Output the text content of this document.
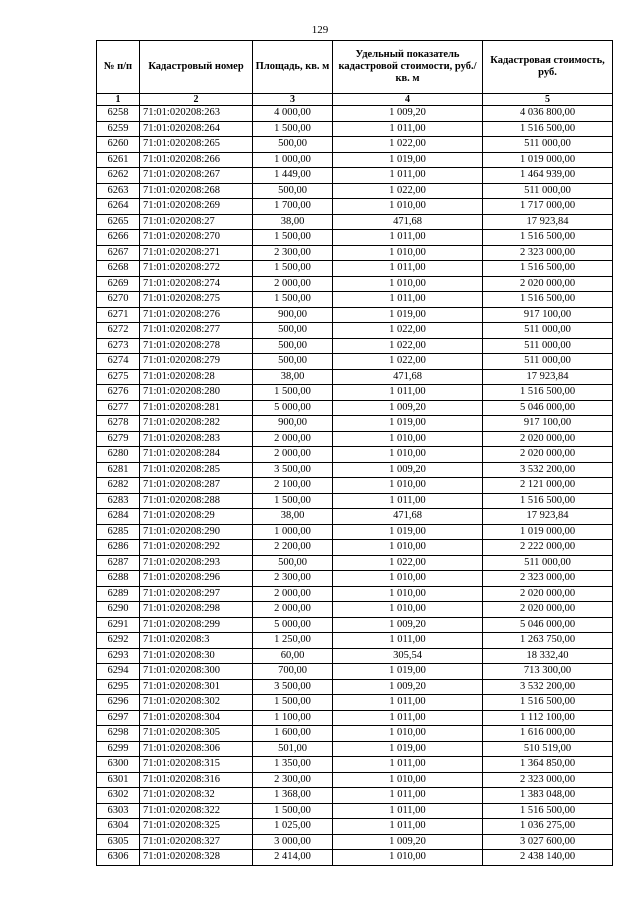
129
№ п/п	Кадастровый номер	Площадь, кв. м	Удельный показатель кадастровой стоимости, руб./кв. м	Кадастровая стоимость, руб.
1	2	3	4	5
6258	71:01:020208:263	4 000,00	1 009,20	4 036 800,00
6259	71:01:020208:264	1 500,00	1 011,00	1 516 500,00
6260	71:01:020208:265	500,00	1 022,00	511 000,00
6261	71:01:020208:266	1 000,00	1 019,00	1 019 000,00
6262	71:01:020208:267	1 449,00	1 011,00	1 464 939,00
6263	71:01:020208:268	500,00	1 022,00	511 000,00
6264	71:01:020208:269	1 700,00	1 010,00	1 717 000,00
6265	71:01:020208:27	38,00	471,68	17 923,84
6266	71:01:020208:270	1 500,00	1 011,00	1 516 500,00
6267	71:01:020208:271	2 300,00	1 010,00	2 323 000,00
6268	71:01:020208:272	1 500,00	1 011,00	1 516 500,00
6269	71:01:020208:274	2 000,00	1 010,00	2 020 000,00
6270	71:01:020208:275	1 500,00	1 011,00	1 516 500,00
6271	71:01:020208:276	900,00	1 019,00	917 100,00
6272	71:01:020208:277	500,00	1 022,00	511 000,00
6273	71:01:020208:278	500,00	1 022,00	511 000,00
6274	71:01:020208:279	500,00	1 022,00	511 000,00
6275	71:01:020208:28	38,00	471,68	17 923,84
6276	71:01:020208:280	1 500,00	1 011,00	1 516 500,00
6277	71:01:020208:281	5 000,00	1 009,20	5 046 000,00
6278	71:01:020208:282	900,00	1 019,00	917 100,00
6279	71:01:020208:283	2 000,00	1 010,00	2 020 000,00
6280	71:01:020208:284	2 000,00	1 010,00	2 020 000,00
6281	71:01:020208:285	3 500,00	1 009,20	3 532 200,00
6282	71:01:020208:287	2 100,00	1 010,00	2 121 000,00
6283	71:01:020208:288	1 500,00	1 011,00	1 516 500,00
6284	71:01:020208:29	38,00	471,68	17 923,84
6285	71:01:020208:290	1 000,00	1 019,00	1 019 000,00
6286	71:01:020208:292	2 200,00	1 010,00	2 222 000,00
6287	71:01:020208:293	500,00	1 022,00	511 000,00
6288	71:01:020208:296	2 300,00	1 010,00	2 323 000,00
6289	71:01:020208:297	2 000,00	1 010,00	2 020 000,00
6290	71:01:020208:298	2 000,00	1 010,00	2 020 000,00
6291	71:01:020208:299	5 000,00	1 009,20	5 046 000,00
6292	71:01:020208:3	1 250,00	1 011,00	1 263 750,00
6293	71:01:020208:30	60,00	305,54	18 332,40
6294	71:01:020208:300	700,00	1 019,00	713 300,00
6295	71:01:020208:301	3 500,00	1 009,20	3 532 200,00
6296	71:01:020208:302	1 500,00	1 011,00	1 516 500,00
6297	71:01:020208:304	1 100,00	1 011,00	1 112 100,00
6298	71:01:020208:305	1 600,00	1 010,00	1 616 000,00
6299	71:01:020208:306	501,00	1 019,00	510 519,00
6300	71:01:020208:315	1 350,00	1 011,00	1 364 850,00
6301	71:01:020208:316	2 300,00	1 010,00	2 323 000,00
6302	71:01:020208:32	1 368,00	1 011,00	1 383 048,00
6303	71:01:020208:322	1 500,00	1 011,00	1 516 500,00
6304	71:01:020208:325	1 025,00	1 011,00	1 036 275,00
6305	71:01:020208:327	3 000,00	1 009,20	3 027 600,00
6306	71:01:020208:328	2 414,00	1 010,00	2 438 140,00
